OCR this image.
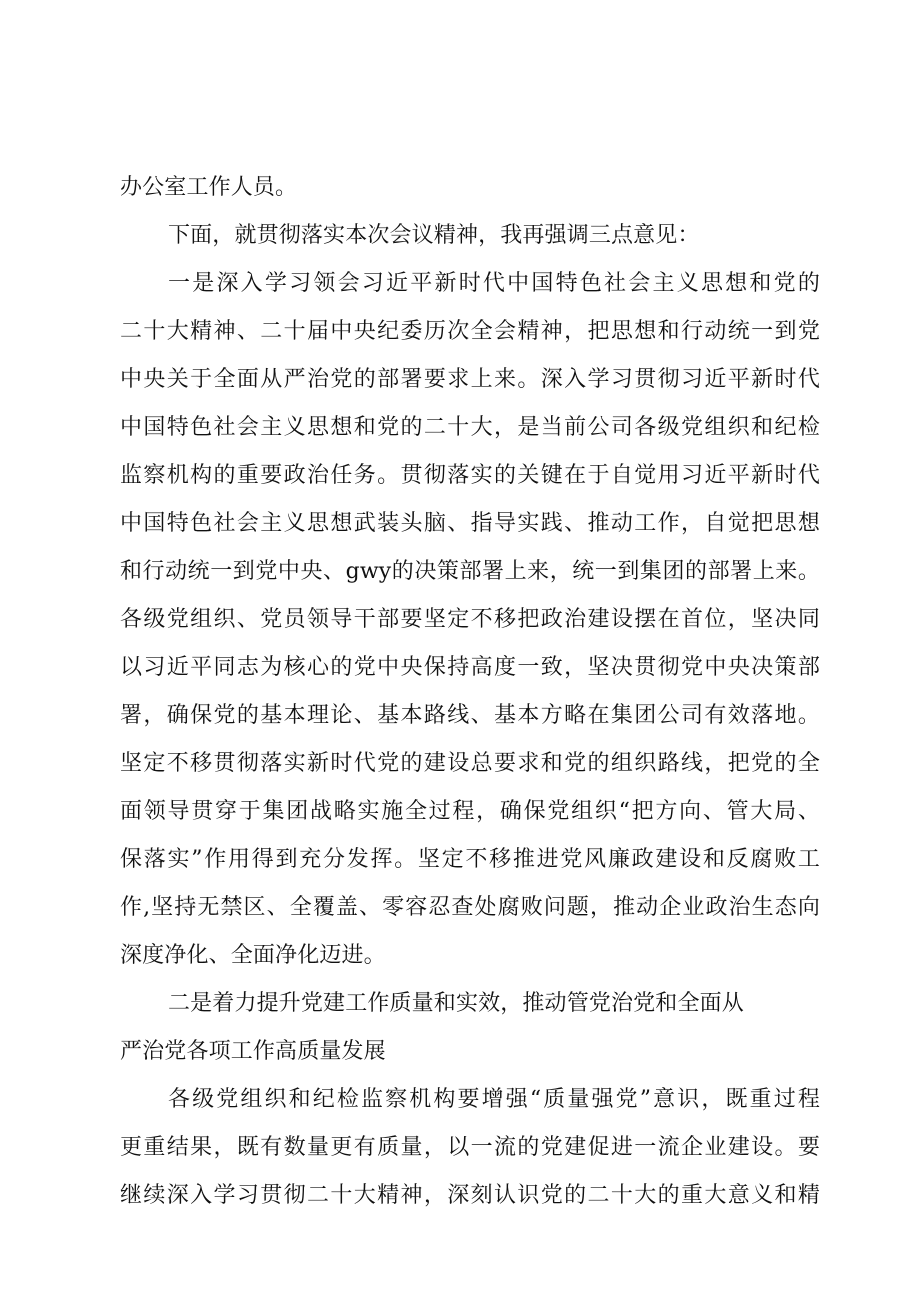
办公室工作人员。
下面，就贯彻落实本次会议精神，我再强调三点意见：
一是深入学习领会习近平新时代中国特色社会主义思想和党的
二十大精神、二十届中央纪委历次全会精神，把思想和行动统一到党
中央关于全面从严治党的部署要求上来。深入学习贯彻习近平新时代
中国特色社会主义思想和党的二十大，是当前公司各级党组织和纪检
监察机构的重要政治任务。贯彻落实的关键在于自觉用习近平新时代
中国特色社会主义思想武装头脑、指导实践、推动工作，自觉把思想
和行动统一到党中央、gwy的决策部署上来，统一到集团的部署上来。
各级党组织、党员领导干部要坚定不移把政治建设摆在首位，坚决同
以习近平同志为核心的党中央保持高度一致，坚决贯彻党中央决策部
署，确保党的基本理论、基本路线、基本方略在集团公司有效落地。
坚定不移贯彻落实新时代党的建设总要求和党的组织路线，把党的全
面领导贯穿于集团战略实施全过程，确保党组织“把方向、管大局、
保落实”作用得到充分发挥。坚定不移推进党风廉政建设和反腐败工
作,坚持无禁区、全覆盖、零容忍查处腐败问题，推动企业政治生态向
深度净化、全面净化迈进。
二是着力提升党建工作质量和实效，推动管党治党和全面从
严治党各项工作高质量发展
各级党组织和纪检监察机构要增强“质量强党”意识，既重过程
更重结果，既有数量更有质量，以一流的党建促进一流企业建设。要
继续深入学习贯彻二十大精神，深刻认识党的二十大的重大意义和精
